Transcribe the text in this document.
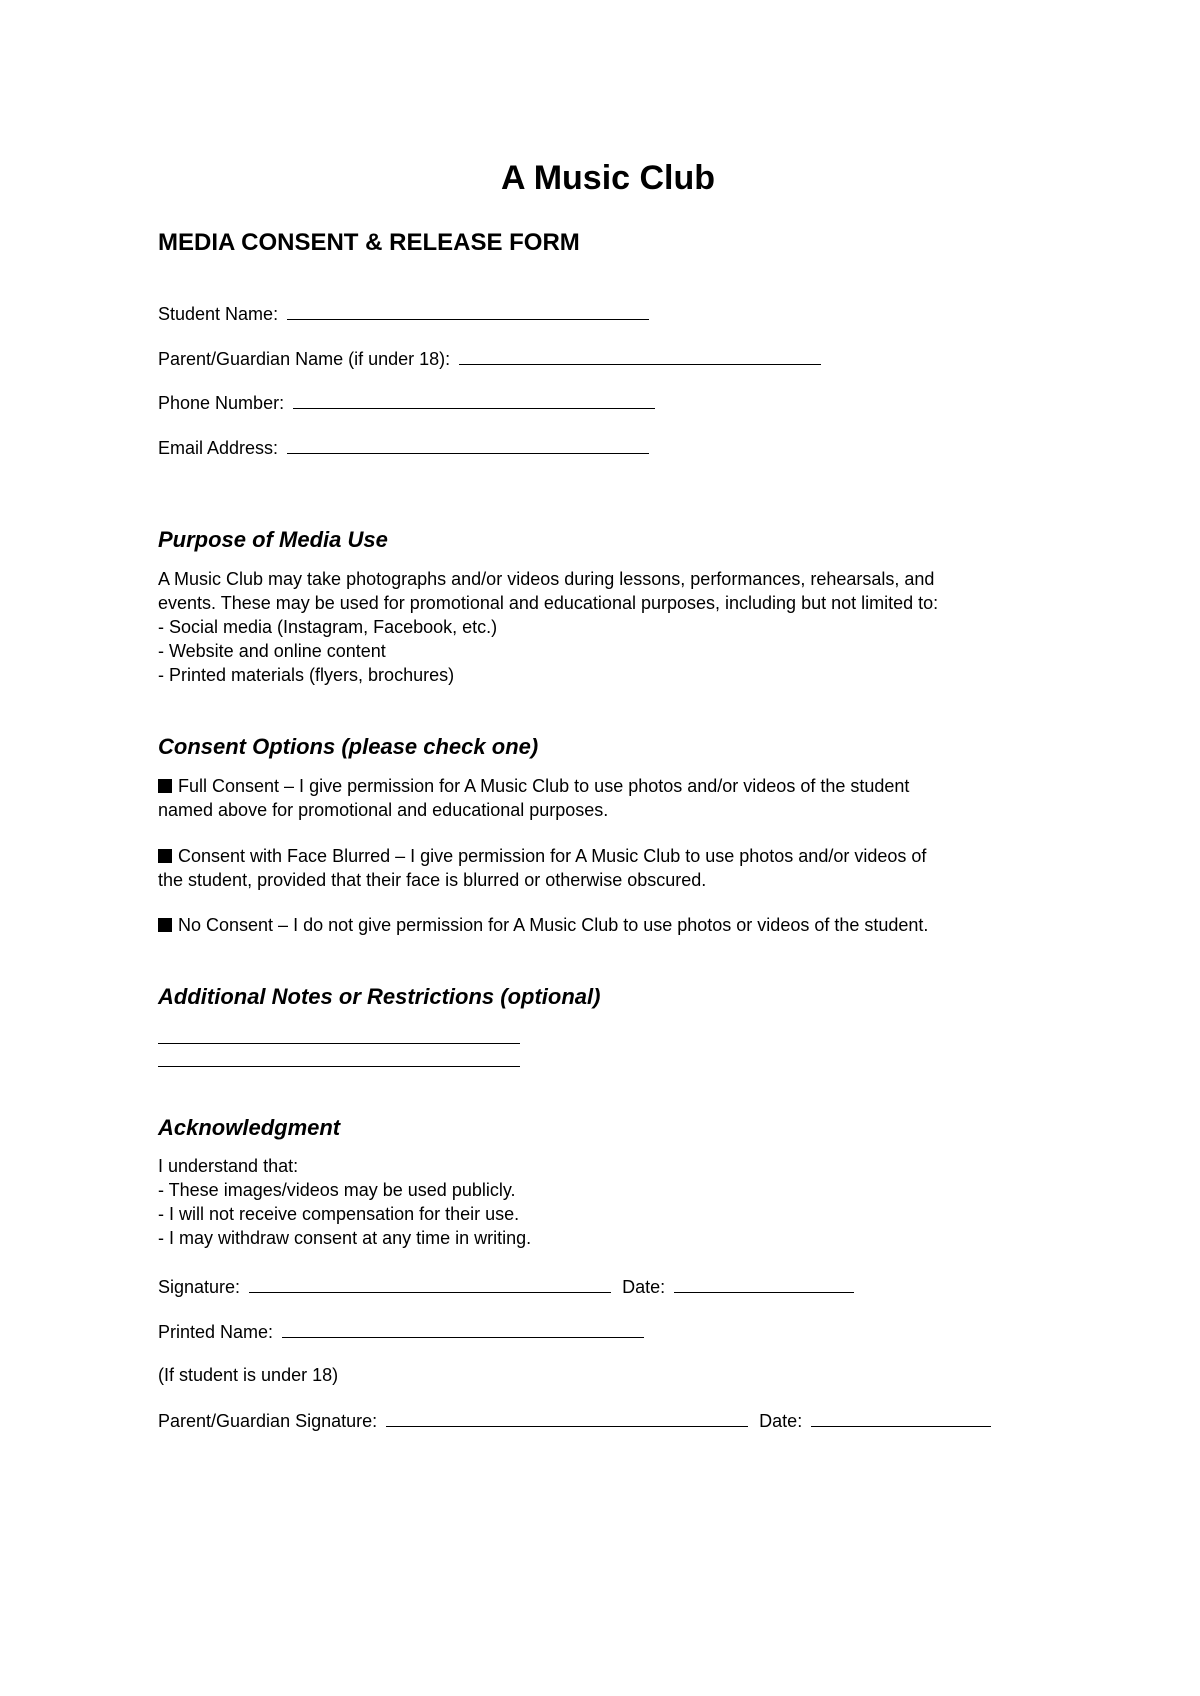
A Music Club
MEDIA CONSENT & RELEASE FORM
Student Name:
Parent/Guardian Name (if under 18):
Phone Number:
Email Address:
Purpose of Media Use
A Music Club may take photographs and/or videos during lessons, performances, rehearsals, and
events. These may be used for promotional and educational purposes, including but not limited to:
- Social media (Instagram, Facebook, etc.)
- Website and online content
- Printed materials (flyers, brochures)
Consent Options (please check one)
Full Consent – I give permission for A Music Club to use photos and/or videos of the student
named above for promotional and educational purposes.
Consent with Face Blurred – I give permission for A Music Club to use photos and/or videos of
the student, provided that their face is blurred or otherwise obscured.
No Consent – I do not give permission for A Music Club to use photos or videos of the student.
Additional Notes or Restrictions (optional)
Acknowledgment
I understand that:
- These images/videos may be used publicly.
- I will not receive compensation for their use.
- I may withdraw consent at any time in writing.
Signature:	Date:
Printed Name:
(If student is under 18)
Parent/Guardian Signature:	Date:
